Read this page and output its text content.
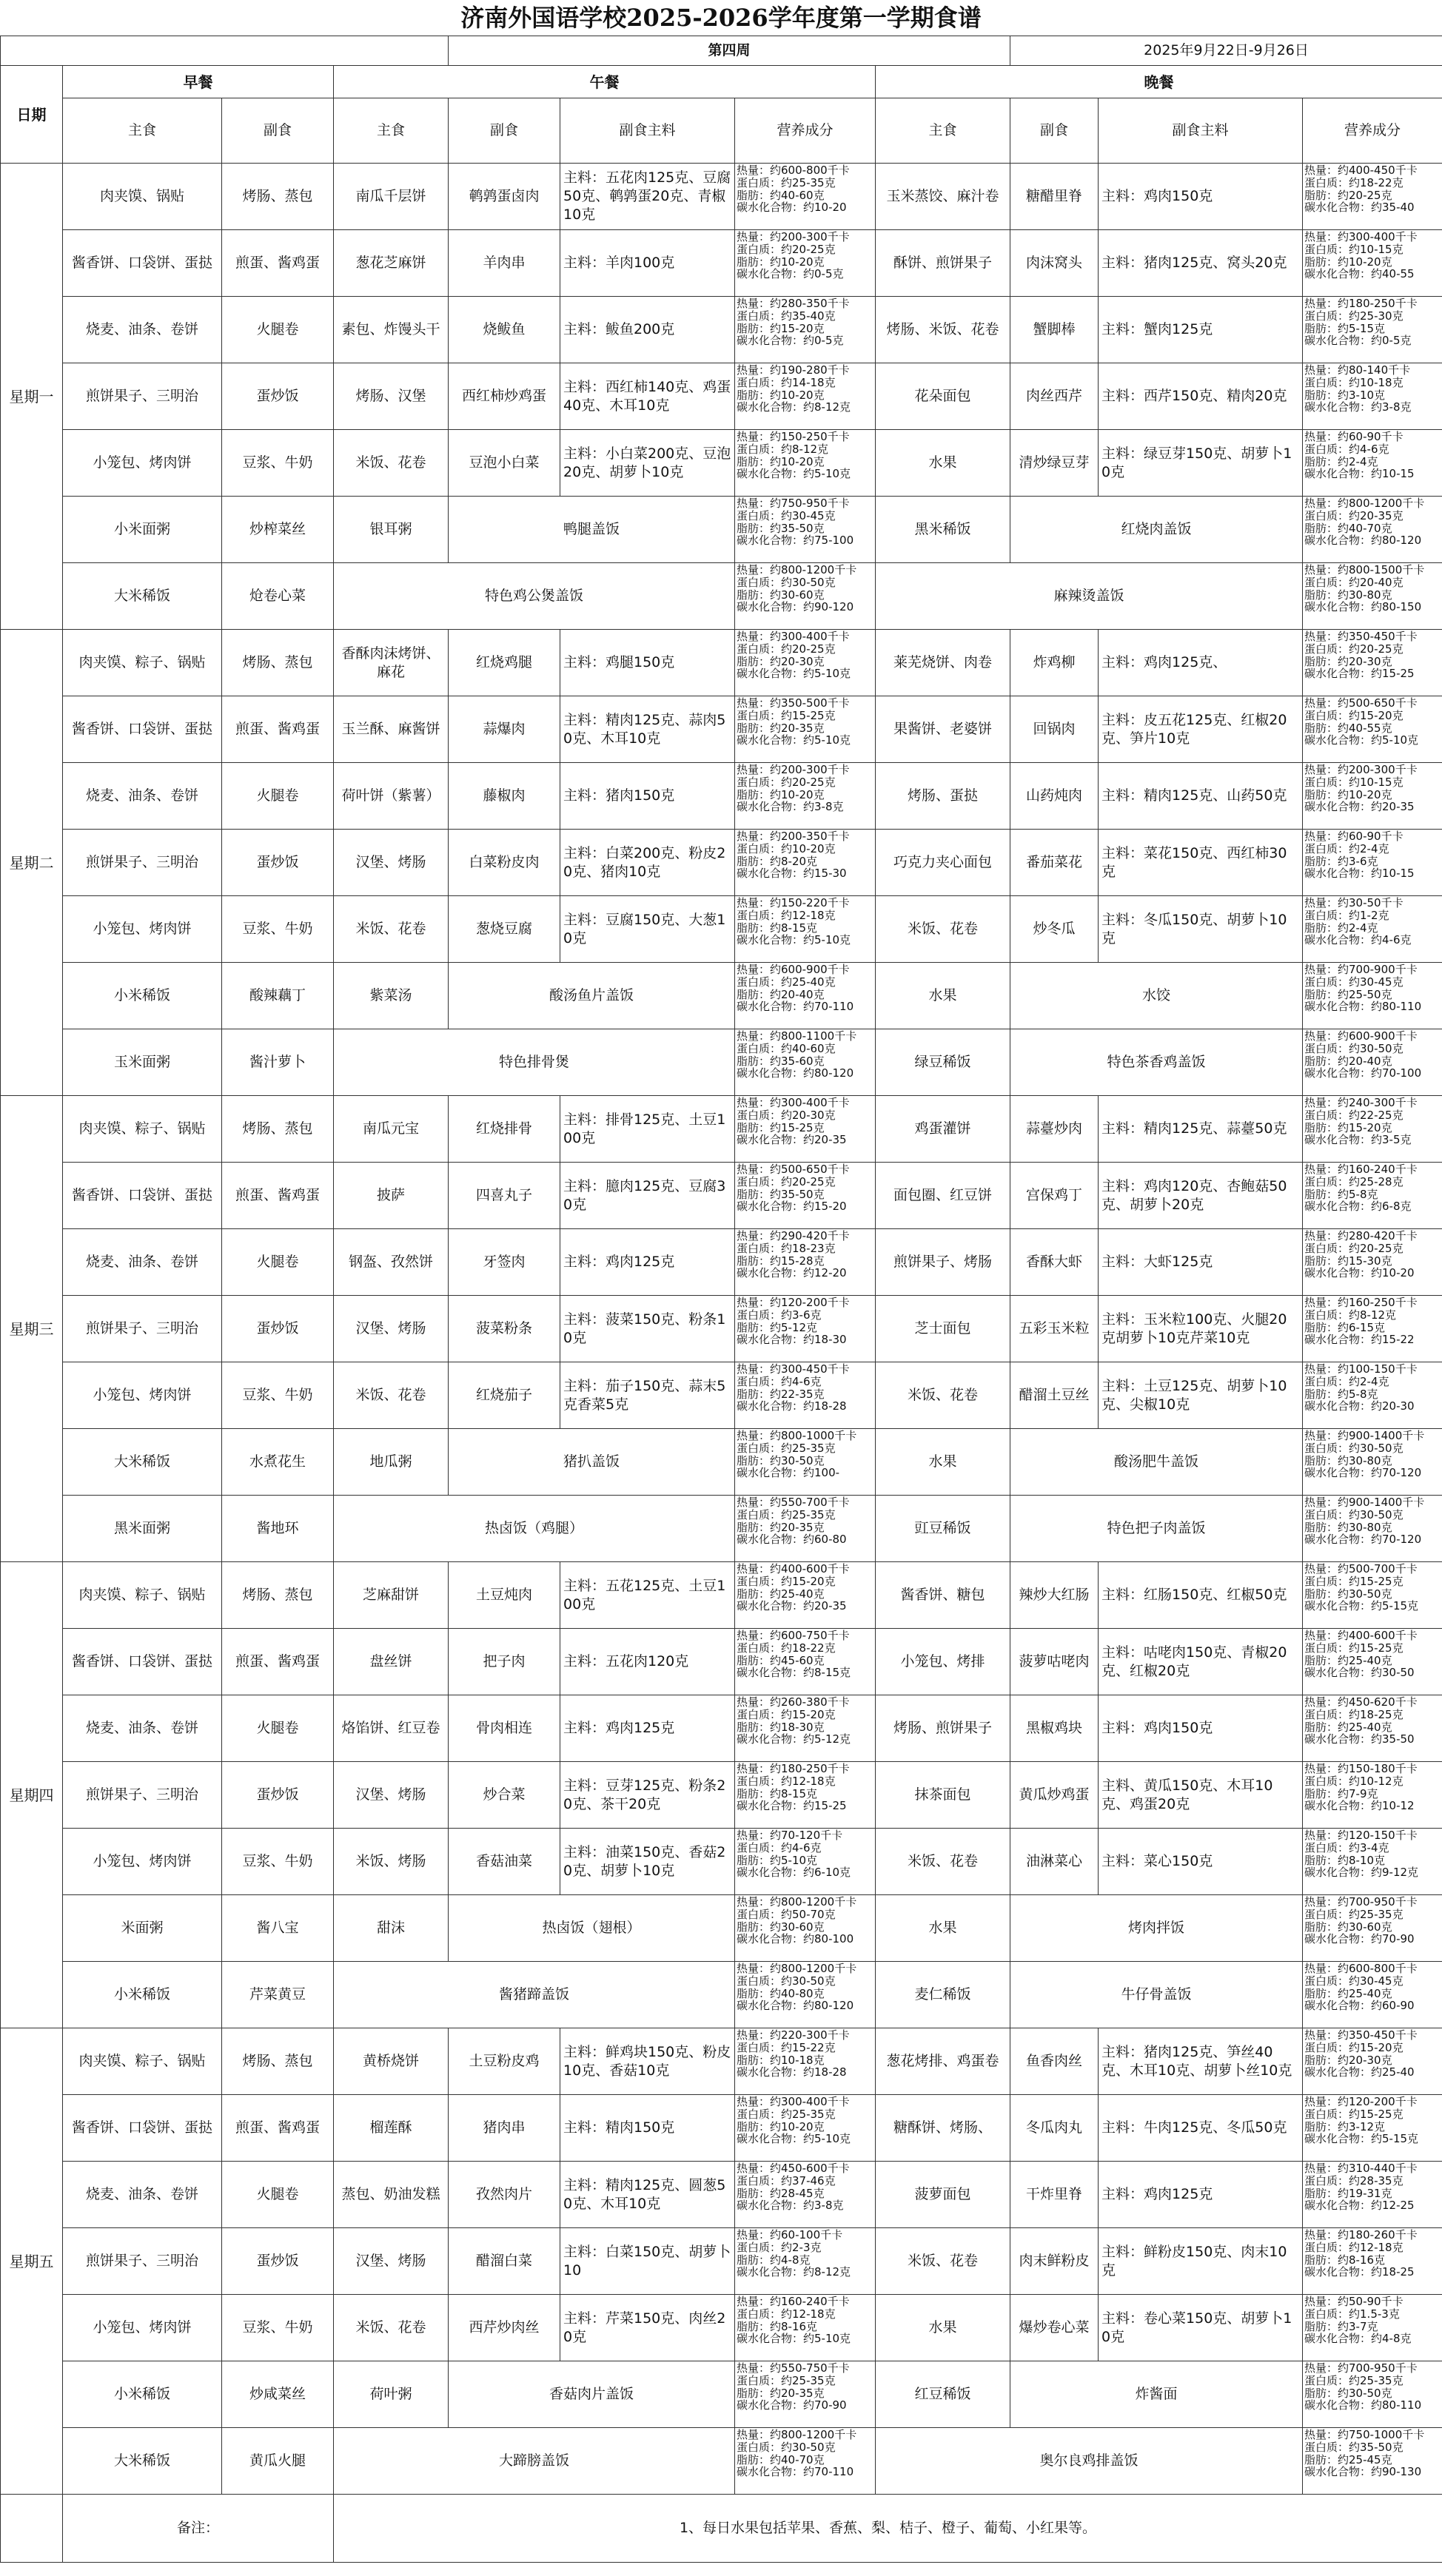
济南外国语学校2025-2026学年度第一学期食谱
				第四周				2025年9月22日-9月26日		
日期	早餐		午餐				晚餐			
	主食	副食	主食	副食	副食主料	营养成分	主食	副食	副食主料	营养成分
星期一	肉夹馍、锅贴	烤肠、蒸包	南瓜千层饼	鹌鹑蛋卤肉	主料：五花肉125克、豆腐50克、鹌鹑蛋20克、青椒10克	热量：约600-800千卡
蛋白质：约25-35克
脂肪：约40-60克
碳水化合物：约10-20	玉米蒸饺、麻汁卷	糖醋里脊	主料：鸡肉150克	热量：约400-450千卡
蛋白质：约18-22克
脂肪：约20-25克
碳水化合物：约35-40

	酱香饼、口袋饼、蛋挞	煎蛋、酱鸡蛋	葱花芝麻饼	羊肉串	主料：羊肉100克	热量：约200-300千卡
蛋白质：约20-25克
脂肪：约10-20克
碳水化合物：约0-5克	酥饼、煎饼果子	肉沫窝头	主料：猪肉125克、窝头20克	热量：约300-400千卡
蛋白质：约10-15克
脂肪：约10-20克
碳水化合物：约40-55

	烧麦、油条、卷饼	火腿卷	素包、炸馒头干	烧鲅鱼	主料：鲅鱼200克	热量：约280-350千卡
蛋白质：约35-40克
脂肪：约15-20克
碳水化合物：约0-5克	烤肠、米饭、花卷	蟹脚棒	主料：蟹肉125克	热量：约180-250千卡
蛋白质：约25-30克
脂肪：约5-15克
碳水化合物：约0-5克

	煎饼果子、三明治	蛋炒饭	烤肠、汉堡	西红柿炒鸡蛋	主料：西红柿140克、鸡蛋40克、木耳10克	热量：约190-280千卡
蛋白质：约14-18克
脂肪：约10-20克
碳水化合物：约8-12克	花朵面包	肉丝西芹	主料：西芹150克、精肉20克	热量：约80-140千卡
蛋白质：约10-18克
脂肪：约3-10克
碳水化合物：约3-8克

	小笼包、烤肉饼	豆浆、牛奶	米饭、花卷	豆泡小白菜	主料：小白菜200克、豆泡20克、胡萝卜10克	热量：约150-250千卡
蛋白质：约8-12克
脂肪：约10-20克
碳水化合物：约5-10克	水果	清炒绿豆芽	主料：绿豆芽150克、胡萝卜10克	热量：约60-90千卡
蛋白质：约4-6克
脂肪：约2-4克
碳水化合物：约10-15

	小米面粥	炒榨菜丝	银耳粥	鸭腿盖饭		热量：约750-950千卡
蛋白质：约30-45克
脂肪：约35-50克
碳水化合物：约75-100	黑米稀饭	红烧肉盖饭		热量：约800-1200千卡
蛋白质：约20-35克
脂肪：约40-70克
碳水化合物：约80-120

	大米稀饭	炝卷心菜	特色鸡公煲盖饭			热量：约800-1200千卡
蛋白质：约30-50克
脂肪：约30-60克
碳水化合物：约90-120	麻辣烫盖饭			热量：约800-1500千卡
蛋白质：约20-40克
脂肪：约30-80克
碳水化合物：约80-150

星期二	肉夹馍、粽子、锅贴	烤肠、蒸包	香酥肉沫烤饼、麻花	红烧鸡腿	主料：鸡腿150克	热量：约300-400千卡
蛋白质：约20-25克
脂肪：约20-30克
碳水化合物：约5-10克	莱芜烧饼、肉卷	炸鸡柳	主料：鸡肉125克、	热量：约350-450千卡
蛋白质：约20-25克
脂肪：约20-30克
碳水化合物：约15-25

	酱香饼、口袋饼、蛋挞	煎蛋、酱鸡蛋	玉兰酥、麻酱饼	蒜爆肉	主料：精肉125克、蒜肉50克、木耳10克	热量：约350-500千卡
蛋白质：约15-25克
脂肪：约20-35克
碳水化合物：约5-10克	果酱饼、老婆饼	回锅肉	主料：皮五花125克、红椒20克、笋片10克	热量：约500-650千卡
蛋白质：约15-20克
脂肪：约40-55克
碳水化合物：约5-10克

	烧麦、油条、卷饼	火腿卷	荷叶饼（紫薯）	藤椒肉	主料：猪肉150克	热量：约200-300千卡
蛋白质：约20-25克
脂肪：约10-20克
碳水化合物：约3-8克	烤肠、蛋挞	山药炖肉	主料：精肉125克、山药50克	热量：约200-300千卡
蛋白质：约10-15克
脂肪：约10-20克
碳水化合物：约20-35

	煎饼果子、三明治	蛋炒饭	汉堡、烤肠	白菜粉皮肉	主料：白菜200克、粉皮20克、猪肉10克	热量：约200-350千卡
蛋白质：约10-20克
脂肪：约8-20克
碳水化合物：约15-30	巧克力夹心面包	番茄菜花	主料：菜花150克、西红柿30克	热量：约60-90千卡
蛋白质：约2-4克
脂肪：约3-6克
碳水化合物：约10-15

	小笼包、烤肉饼	豆浆、牛奶	米饭、花卷	葱烧豆腐	主料：豆腐150克、大葱10克	热量：约150-220千卡
蛋白质：约12-18克
脂肪：约8-15克
碳水化合物：约5-10克	米饭、花卷	炒冬瓜	主料：冬瓜150克、胡萝卜10克	热量：约30-50千卡
蛋白质：约1-2克
脂肪：约2-4克
碳水化合物：约4-6克

	小米稀饭	酸辣藕丁	紫菜汤	酸汤鱼片盖饭		热量：约600-900千卡
蛋白质：约25-40克
脂肪：约20-40克
碳水化合物：约70-110	水果	水饺		热量：约700-900千卡
蛋白质：约30-45克
脂肪：约25-50克
碳水化合物：约80-110

	玉米面粥	酱汁萝卜	特色排骨煲			热量：约800-1100千卡
蛋白质：约40-60克
脂肪：约35-60克
碳水化合物：约80-120	绿豆稀饭	特色茶香鸡盖饭		热量：约600-900千卡
蛋白质：约30-50克
脂肪：约20-40克
碳水化合物：约70-100

星期三	肉夹馍、粽子、锅贴	烤肠、蒸包	南瓜元宝	红烧排骨	主料：排骨125克、土豆100克	热量：约300-400千卡
蛋白质：约20-30克
脂肪：约15-25克
碳水化合物：约20-35	鸡蛋灌饼	蒜薹炒肉	主料：精肉125克、蒜薹50克	热量：约240-300千卡
蛋白质：约22-25克
脂肪：约15-20克
碳水化合物：约3-5克

	酱香饼、口袋饼、蛋挞	煎蛋、酱鸡蛋	披萨	四喜丸子	主料：臆肉125克、豆腐30克	热量：约500-650千卡
蛋白质：约20-25克
脂肪：约35-50克
碳水化合物：约15-20	面包圈、红豆饼	宫保鸡丁	主料：鸡肉120克、杏鲍菇50克、胡萝卜20克	热量：约160-240千卡
蛋白质：约25-28克
脂肪：约5-8克
碳水化合物：约6-8克

	烧麦、油条、卷饼	火腿卷	钢盔、孜然饼	牙签肉	主料：鸡肉125克	热量：约290-420千卡
蛋白质：约18-23克
脂肪：约15-28克
碳水化合物：约12-20	煎饼果子、烤肠	香酥大虾	主料：大虾125克	热量：约280-420千卡
蛋白质：约20-25克
脂肪：约15-30克
碳水化合物：约10-20

	煎饼果子、三明治	蛋炒饭	汉堡、烤肠	菠菜粉条	主料：菠菜150克、粉条10克	热量：约120-200千卡
蛋白质：约3-6克
脂肪：约5-12克
碳水化合物：约18-30	芝士面包	五彩玉米粒	主料：玉米粒100克、火腿20克胡萝卜10克芹菜10克	热量：约160-250千卡
蛋白质：约8-12克
脂肪：约6-15克
碳水化合物：约15-22

	小笼包、烤肉饼	豆浆、牛奶	米饭、花卷	红烧茄子	主料：茄子150克、蒜末5克香菜5克	热量：约300-450千卡
蛋白质：约4-6克
脂肪：约22-35克
碳水化合物：约18-28	米饭、花卷	醋溜土豆丝	主料：土豆125克、胡萝卜10克、尖椒10克	热量：约100-150千卡
蛋白质：约2-4克
脂肪：约5-8克
碳水化合物：约20-30

	大米稀饭	水煮花生	地瓜粥	猪扒盖饭		热量：约800-1000千卡
蛋白质：约25-35克
脂肪：约30-50克
碳水化合物：约100-	水果	酸汤肥牛盖饭		热量：约900-1400千卡
蛋白质：约30-50克
脂肪：约30-80克
碳水化合物：约70-120

	黑米面粥	酱地环	热卤饭（鸡腿）			热量：约550-700千卡
蛋白质：约25-35克
脂肪：约20-35克
碳水化合物：约60-80	豇豆稀饭	特色把子肉盖饭		热量：约900-1400千卡
蛋白质：约30-50克
脂肪：约30-80克
碳水化合物：约70-120

星期四	肉夹馍、粽子、锅贴	烤肠、蒸包	芝麻甜饼	土豆炖肉	主料：五花125克、土豆100克	热量：约400-600千卡
蛋白质：约15-20克
脂肪：约25-40克
碳水化合物：约20-35	酱香饼、糖包	辣炒大红肠	主料：红肠150克、红椒50克	热量：约500-700千卡
蛋白质：约15-25克
脂肪：约30-50克
碳水化合物：约5-15克

	酱香饼、口袋饼、蛋挞	煎蛋、酱鸡蛋	盘丝饼	把子肉	主料：五花肉120克	热量：约600-750千卡
蛋白质：约18-22克
脂肪：约45-60克
碳水化合物：约8-15克	小笼包、烤排	菠萝咕咾肉	主料：咕咾肉150克、青椒20克、红椒20克	热量：约400-600千卡
蛋白质：约15-25克
脂肪：约25-40克
碳水化合物：约30-50

	烧麦、油条、卷饼	火腿卷	烙馅饼、红豆卷	骨肉相连	主料：鸡肉125克	热量：约260-380千卡
蛋白质：约15-20克
脂肪：约18-30克
碳水化合物：约5-12克	烤肠、煎饼果子	黑椒鸡块	主料：鸡肉150克	热量：约450-620千卡
蛋白质：约18-25克
脂肪：约25-40克
碳水化合物：约35-50

	煎饼果子、三明治	蛋炒饭	汉堡、烤肠	炒合菜	主料：豆芽125克、粉条20克、茶干20克	热量：约180-250千卡
蛋白质：约12-18克
脂肪：约8-15克
碳水化合物：约15-25	抹茶面包	黄瓜炒鸡蛋	主料、黄瓜150克、木耳10克、鸡蛋20克	热量：约150-180千卡
蛋白质：约10-12克
脂肪：约7-9克
碳水化合物：约10-12

	小笼包、烤肉饼	豆浆、牛奶	米饭、烤肠	香菇油菜	主料：油菜150克、香菇20克、胡萝卜10克	热量：约70-120千卡
蛋白质：约4-6克
脂肪：约5-10克
碳水化合物：约6-10克	米饭、花卷	油淋菜心	主料：菜心150克	热量：约120-150千卡
蛋白质：约3-4克
脂肪：约8-10克
碳水化合物：约9-12克

	米面粥	酱八宝	甜沫	热卤饭（翅根）		热量：约800-1200千卡
蛋白质：约50-70克
脂肪：约30-60克
碳水化合物：约80-100	水果	烤肉拌饭		热量：约700-950千卡
蛋白质：约25-35克
脂肪：约30-60克
碳水化合物：约70-90

	小米稀饭	芹菜黄豆	酱猪蹄盖饭			热量：约800-1200千卡
蛋白质：约30-50克
脂肪：约40-80克
碳水化合物：约80-120	麦仁稀饭	牛仔骨盖饭		热量：约600-800千卡
蛋白质：约30-45克
脂肪：约25-40克
碳水化合物：约60-90

星期五	肉夹馍、粽子、锅贴	烤肠、蒸包	黄桥烧饼	土豆粉皮鸡	主料：鲜鸡块150克、粉皮10克、香菇10克	热量：约220-300千卡
蛋白质：约15-22克
脂肪：约10-18克
碳水化合物：约18-28	葱花烤排、鸡蛋卷	鱼香肉丝	主料：猪肉125克、笋丝40克、木耳10克、胡萝卜丝10克	热量：约350-450千卡
蛋白质：约15-20克
脂肪：约20-30克
碳水化合物：约25-40

	酱香饼、口袋饼、蛋挞	煎蛋、酱鸡蛋	榴莲酥	猪肉串	主料：精肉150克	热量：约300-400千卡
蛋白质：约25-35克
脂肪：约10-20克
碳水化合物：约5-10克	糖酥饼、烤肠、	冬瓜肉丸	主料：牛肉125克、冬瓜50克	热量：约120-200千卡
蛋白质：约15-25克
脂肪：约3-12克
碳水化合物：约5-15克

	烧麦、油条、卷饼	火腿卷	蒸包、奶油发糕	孜然肉片	主料：精肉125克、圆葱50克、木耳10克	热量：约450-600千卡
蛋白质：约37-46克
脂肪：约28-45克
碳水化合物：约3-8克	菠萝面包	干炸里脊	主料：鸡肉125克	热量：约310-440千卡
蛋白质：约28-35克
脂肪：约19-31克
碳水化合物：约12-25

	煎饼果子、三明治	蛋炒饭	汉堡、烤肠	醋溜白菜	主料：白菜150克、胡萝卜10	热量：约60-100千卡
蛋白质：约2-3克
脂肪：约4-8克
碳水化合物：约8-12克	米饭、花卷	肉末鲜粉皮	主料：鲜粉皮150克、肉末10克	热量：约180-260千卡
蛋白质：约12-18克
脂肪：约8-16克
碳水化合物：约18-25

	小笼包、烤肉饼	豆浆、牛奶	米饭、花卷	西芹炒肉丝	主料：芹菜150克、肉丝20克	热量：约160-240千卡
蛋白质：约12-18克
脂肪：约8-16克
碳水化合物：约5-10克	水果	爆炒卷心菜	主料：卷心菜150克、胡萝卜10克	热量：约50-90千卡
蛋白质：约1.5-3克
脂肪：约3-7克
碳水化合物：约4-8克

	小米稀饭	炒咸菜丝	荷叶粥	香菇肉片盖饭		热量：约550-750千卡
蛋白质：约25-35克
脂肪：约20-35克
碳水化合物：约70-90	红豆稀饭	炸酱面		热量：约700-950千卡
蛋白质：约25-35克
脂肪：约30-50克
碳水化合物：约80-110

	大米稀饭	黄瓜火腿	大蹄膀盖饭			热量：约800-1200千卡
蛋白质：约30-50克
脂肪：约40-70克
碳水化合物：约70-110	奥尔良鸡排盖饭			热量：约750-1000千卡
蛋白质：约35-50克
脂肪：约25-45克
碳水化合物：约90-130

	备注：		1、每日水果包括苹果、香蕉、梨、桔子、橙子、葡萄、小红果等。							
